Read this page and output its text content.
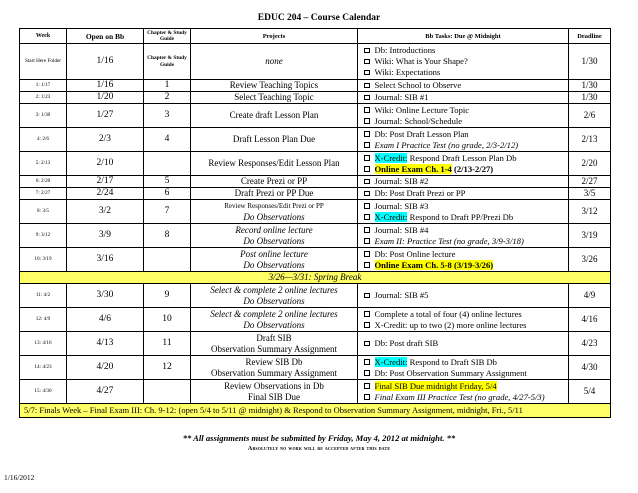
EDUC 204 – Course Calendar
Week	Open on Bb	Chapter & Study Guide	Projects	Bb Tasks: Due @ Midnight	Deadline
Start Here Folder	1/16	Chapter & Study Guide	none	Db: Introductions
Wiki: What is Your Shape?
Wiki: Expectations	1/30
1: 1/17	1/16	1	Review Teaching Topics	Select School to Observe	1/30
2: 1/23	1/20	2	Select Teaching Topic	Journal: SIB #1	1/30
3: 1/30	1/27	3	Create draft Lesson Plan	Wiki: Online Lecture Topic
Journal: School/Schedule	2/6
4: 2/6	2/3	4	Draft Lesson Plan Due	Db: Post Draft Lesson Plan
Exam I Practice Test (no grade, 2/3-2/12)	2/13
5: 2/13	2/10		Review Responses/Edit Lesson Plan	X-Credit: Respond Draft Lesson Plan Db
Online Exam Ch. 1-4 (2/13-2/27)	2/20
6: 2/20	2/17	5	Create Prezi or PP	Journal: SIB #2	2/27
7: 2/27	2/24	6	Draft Prezi or PP Due	Db: Post Draft Prezi or PP	3/5
8: 3/5	3/2	7	Review Responses/Edit Prezi or PP
Do Observations	Journal: SIB #3
X-Credit: Respond to Draft PP/Prezi Db	3/12
9: 3/12	3/9	8	Record online lecture
Do Observations	Journal: SIB #4
Exam II: Practice Test (no grade, 3/9-3/18)	3/19
10: 3/19	3/16		Post online lecture
Do Observations	Db: Post Online lecture
Online Exam Ch. 5-8 (3/19-3/26)	3/26
3/26—3/31: Spring Break					
11: 4/2	3/30	9	Select & complete 2 online lectures
Do Observations	Journal: SIB #5	4/9
12: 4/9	4/6	10	Select & complete 2 online lectures
Do Observations	Complete a total of four (4) online lectures
X-Credit: up to two (2) more online lectures	4/16
13: 4/16	4/13	11	Draft SIB
Observation Summary Assignment	Db: Post draft SIB	4/23
14: 4/23	4/20	12	Review SIB Db
Observation Summary Assignment	X-Credit: Respond to Draft SIB Db
Db: Post Observation Summary Assignment	4/30
15: 4/30	4/27		Review Observations in Db
Final SIB Due	Final SIB Due midnight Friday, 5/4
Final Exam III Practice Test (no grade, 4/27-5/3)	5/4
5/7: Finals Week – Final Exam III: Ch. 9-12: (open 5/4 to 5/11 @ midnight) & Respond to Observation Summary Assignment, midnight, Fri., 5/11					
** All assignments must be submitted by Friday, May 4, 2012 at midnight. **
Absolutely no work will be accepted after this date
1/16/2012
